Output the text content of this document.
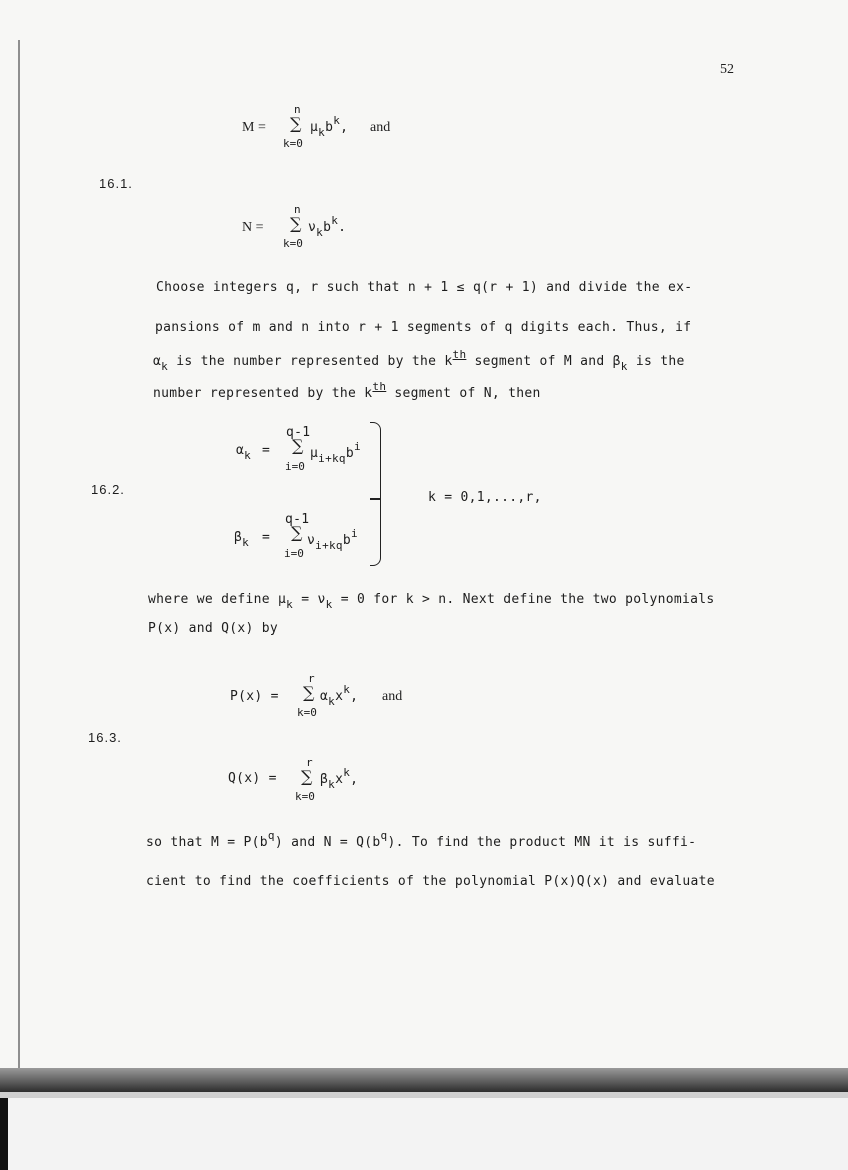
52
M =
n
∑
k=0
$\mu_kb^k$, and
16.1.
N =
n
∑
k=0
$\nu_kb^k$.
Choose integers q, r such that n + 1 ≤ q(r + 1) and divide the ex-
pansions of m and n into r + 1 segments of q digits each. Thus, if
$\alpha_k$ is the number represented by the $k^{th}$ segment of M and $\beta_k$ is the
number represented by the $k^{th}$ segment of N, then
$\alpha_k$ =
q-1
∑
i=0
$\mu_{i+kq}b^i$
16.2.
k = 0,1,...,r,
$\beta_k$ =
q-1
∑
i=0
$\nu_{i+kq}b^i$
where we define $\mu_k = \nu_k = 0$ for k > n. Next define the two polynomials
P(x) and Q(x) by
P(x) =
r
∑
k=0
$\alpha_kx^k$, and
16.3.
Q(x) =
r
∑
k=0
$\beta_kx^k$,
so that $M = P(b^q)$ and $N = Q(b^q)$. To find the product MN it is suffi-
cient to find the coefficients of the polynomial P(x)Q(x) and evaluate
